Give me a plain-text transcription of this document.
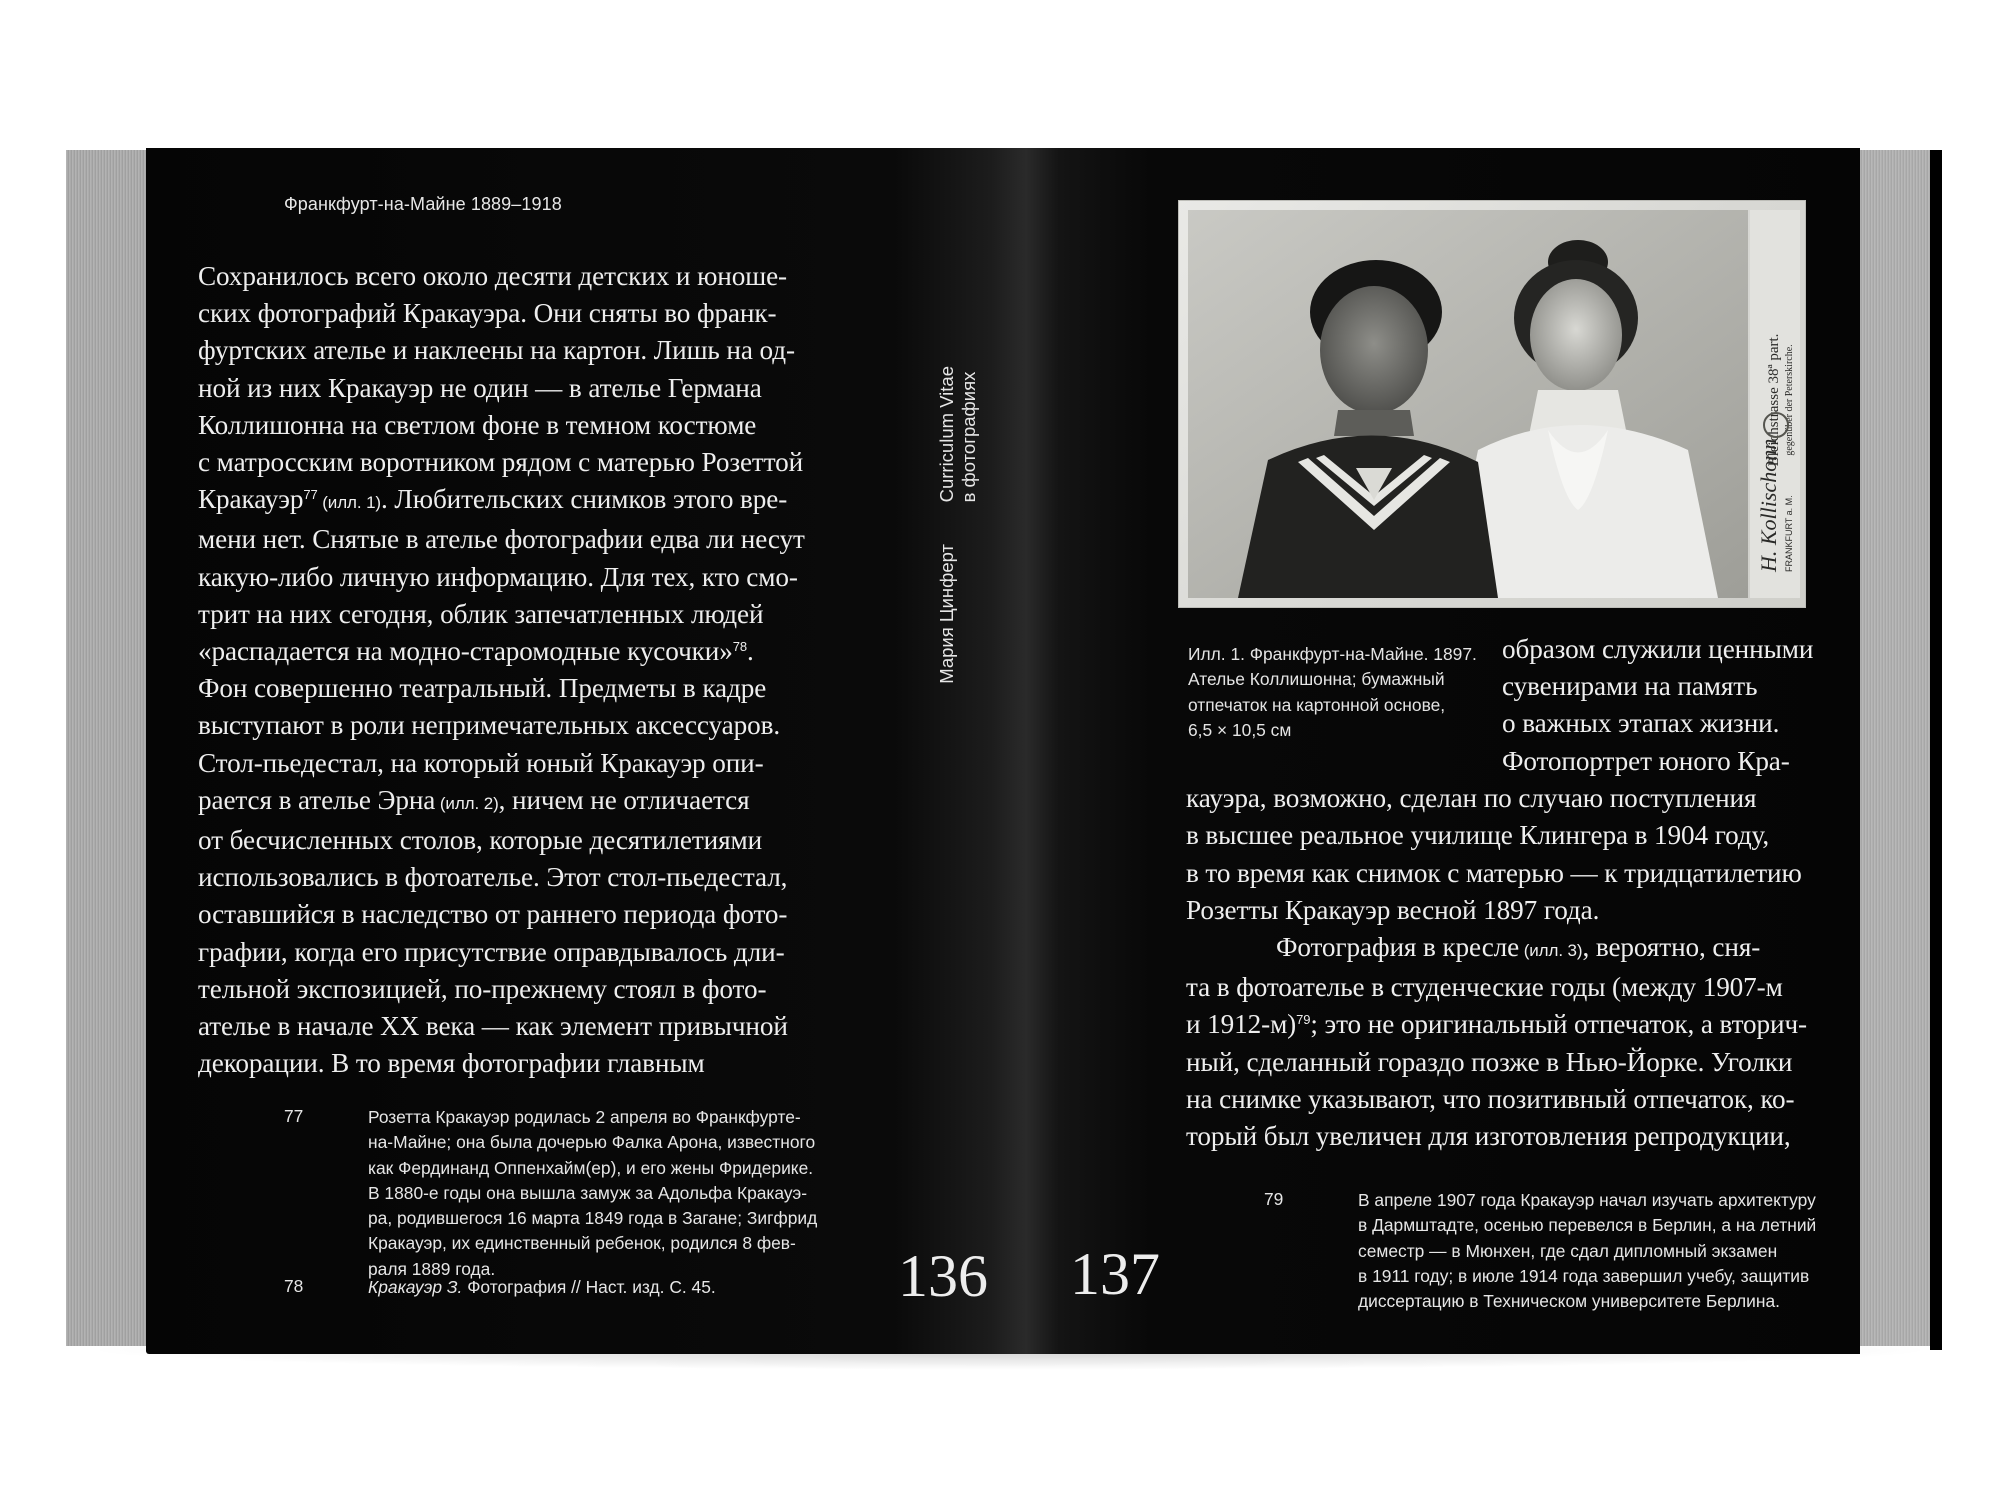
Франкфурт-на-Майне 1889–1918
Сохранилось всего около десяти детских и юноше-
ских фотографий Кракауэра. Они сняты во франк-
фуртских ателье и наклеены на картон. Лишь на од-
ной из них Кракауэр не один — в ателье Германа
Коллишонна на светлом фоне в темном костюме
с матросским воротником рядом с матерью Розеттой
Кракауэр$^{77}$ (илл. 1). Любительских снимков этого вре-
мени нет. Снятые в ателье фотографии едва ли несут
какую-либо личную информацию. Для тех, кто смо-
трит на них сегодня, облик запечатленных людей
«распадается на модно-старомодные кусочки»$^{78}$.
Фон совершенно театральный. Предметы в кадре
выступают в роли непримечательных аксессуаров.
Стол-пьедестал, на который юный Кракауэр опи-
рается в ателье Эрна (илл. 2), ничем не отличается
от бесчисленных столов, которые десятилетиями
использовались в фотоателье. Этот стол-пьедестал,
оставшийся в наследство от раннего периода фото-
графии, когда его присутствие оправдывалось дли-
тельной экспозицией, по-прежнему стоял в фото-
ателье в начале XX века — как элемент привычной
декорации. В то время фотографии главным
77	Розетта Кракауэр родилась 2 апреля во Франкфурте-
на-Майне; она была дочерью Фалка Арона, известного
как Фердинанд Оппенхайм(ер), и его жены Фридерике.
В 1880-е годы она вышла замуж за Адольфа Кракауэ-
ра, родившегося 16 марта 1849 года в Загане; Зигфрид
Кракауэр, их единственный ребенок, родился 8 фев-
раля 1889 года.
78	Кракауэр З. Фотография // Наст. изд. С. 45.
Curriculum Vitae в фотографиях
Мария Цинферт
136
Bleichstrasse 38ª part. gegenüber der Peterskirche.
H. Kollischonn FRANKFURT a. M.
Илл. 1. Франкфурт-на-Майне. 1897.
Ателье Коллишонна; бумажный
отпечаток на картонной основе,
6,5 × 10,5 см
образом служили ценными
сувенирами на память
о важных этапах жизни.
Фотопортрет юного Кра-
кауэра, возможно, сделан по случаю поступления
в высшее реальное училище Клингера в 1904 году,
в то время как снимок с матерью — к тридцатилетию
Розетты Кракауэр весной 1897 года.
Фотография в кресле (илл. 3), вероятно, сня-
та в фотоателье в студенческие годы (между 1907-м
и 1912-м)$^{79}$; это не оригинальный отпечаток, а вторич-
ный, сделанный гораздо позже в Нью-Йорке. Уголки
на снимке указывают, что позитивный отпечаток, ко-
торый был увеличен для изготовления репродукции,
79	В апреле 1907 года Кракауэр начал изучать архитектуру
в Дармштадте, осенью перевелся в Берлин, а на летний
семестр — в Мюнхен, где сдал дипломный экзамен
в 1911 году; в июле 1914 года завершил учебу, защитив
диссертацию в Техническом университете Берлина.
137
